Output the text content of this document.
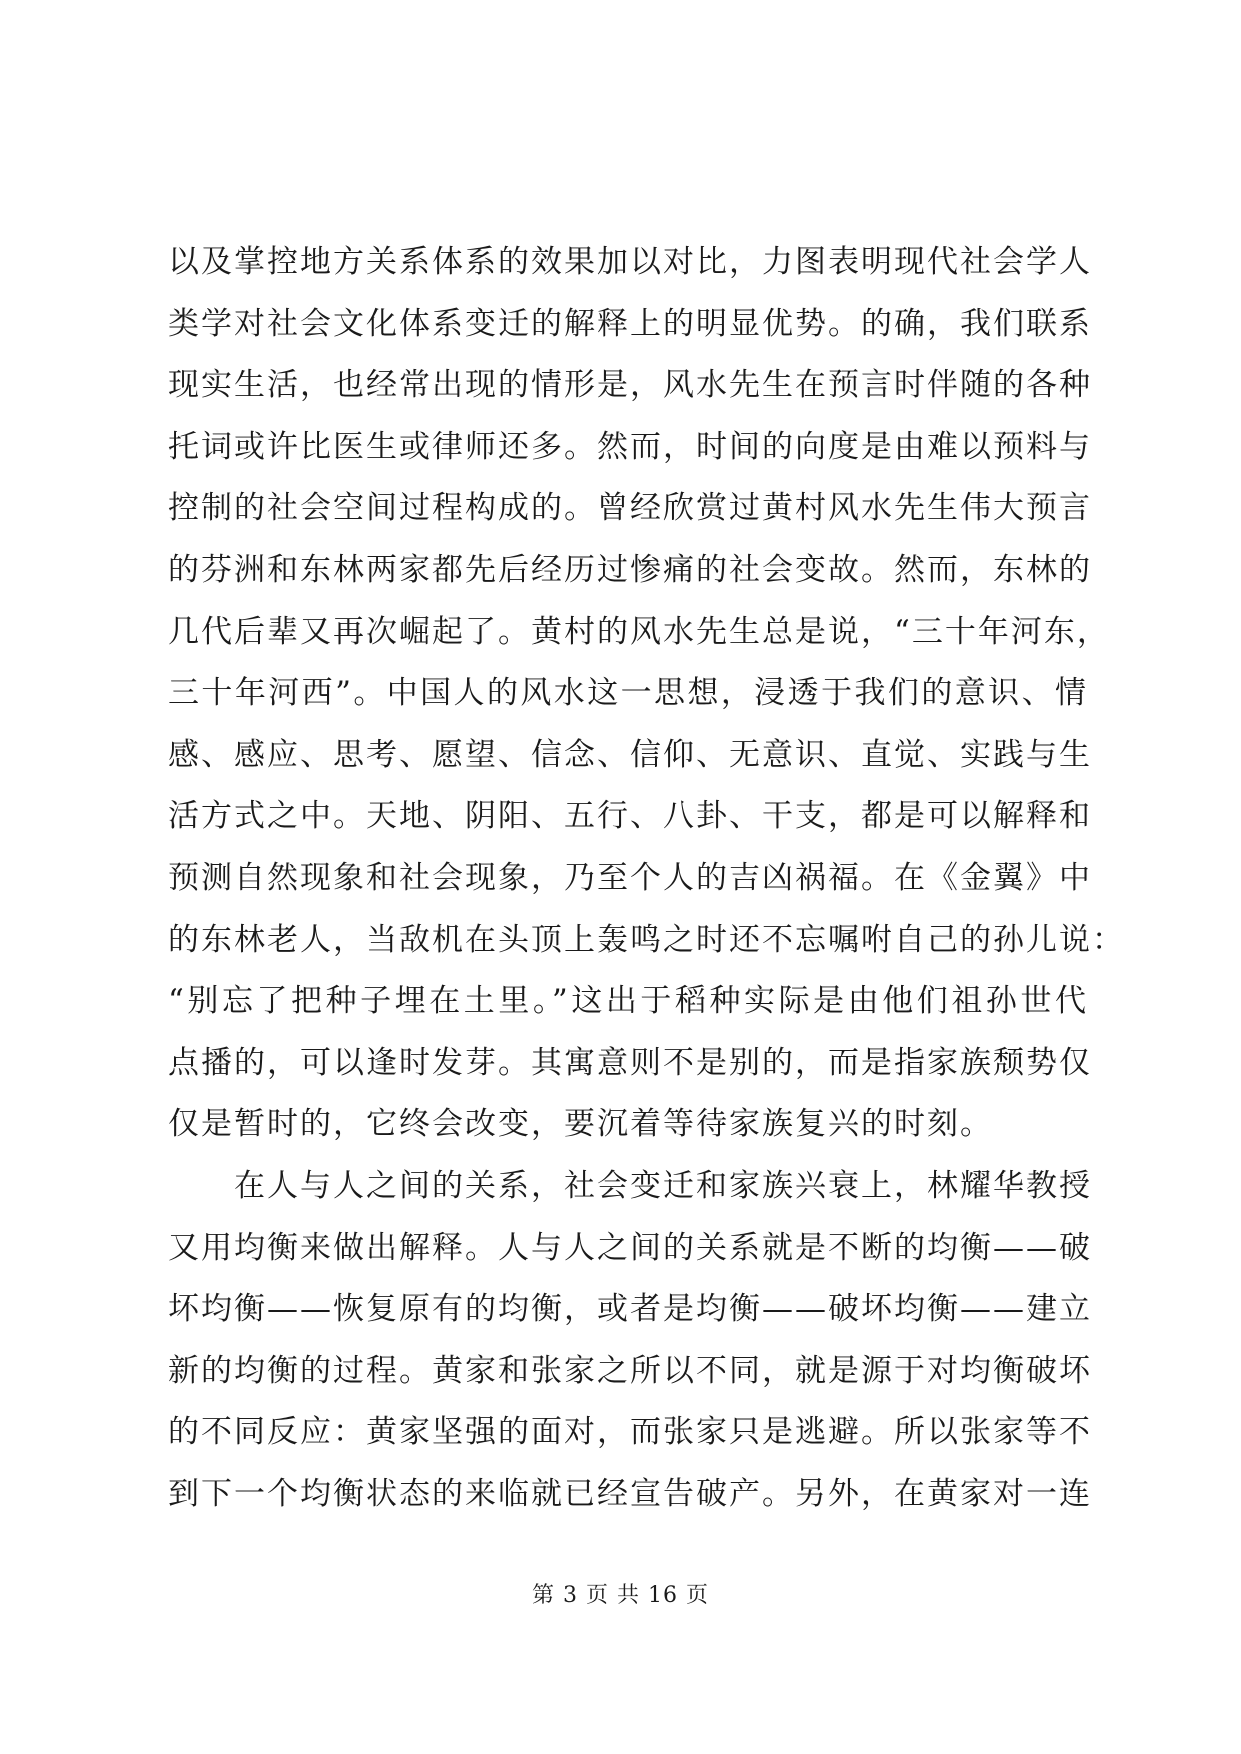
以及掌控地方关系体系的效果加以对比，力图表明现代社会学人
类学对社会文化体系变迁的解释上的明显优势。的确，我们联系
现实生活，也经常出现的情形是，风水先生在预言时伴随的各种
托词或许比医生或律师还多。然而，时间的向度是由难以预料与
控制的社会空间过程构成的。曾经欣赏过黄村风水先生伟大预言
的芬洲和东林两家都先后经历过惨痛的社会变故。然而，东林的
几代后辈又再次崛起了。黄村的风水先生总是说，“三十年河东，
三十年河西”。中国人的风水这一思想，浸透于我们的意识、情
感、感应、思考、愿望、信念、信仰、无意识、直觉、实践与生
活方式之中。天地、阴阳、五行、八卦、干支，都是可以解释和
预测自然现象和社会现象，乃至个人的吉凶祸福。在《金翼》中
的东林老人，当敌机在头顶上轰鸣之时还不忘嘱咐自己的孙儿说：
“别忘了把种子埋在土里。”这出于稻种实际是由他们祖孙世代
点播的，可以逢时发芽。其寓意则不是别的，而是指家族颓势仅
仅是暂时的，它终会改变，要沉着等待家族复兴的时刻。
在人与人之间的关系，社会变迁和家族兴衰上，林耀华教授
又用均衡来做出解释。人与人之间的关系就是不断的均衡——破
坏均衡——恢复原有的均衡，或者是均衡——破坏均衡——建立
新的均衡的过程。黄家和张家之所以不同，就是源于对均衡破坏
的不同反应：黄家坚强的面对，而张家只是逃避。所以张家等不
到下一个均衡状态的来临就已经宣告破产。另外，在黄家对一连
第 3 页 共 16 页
